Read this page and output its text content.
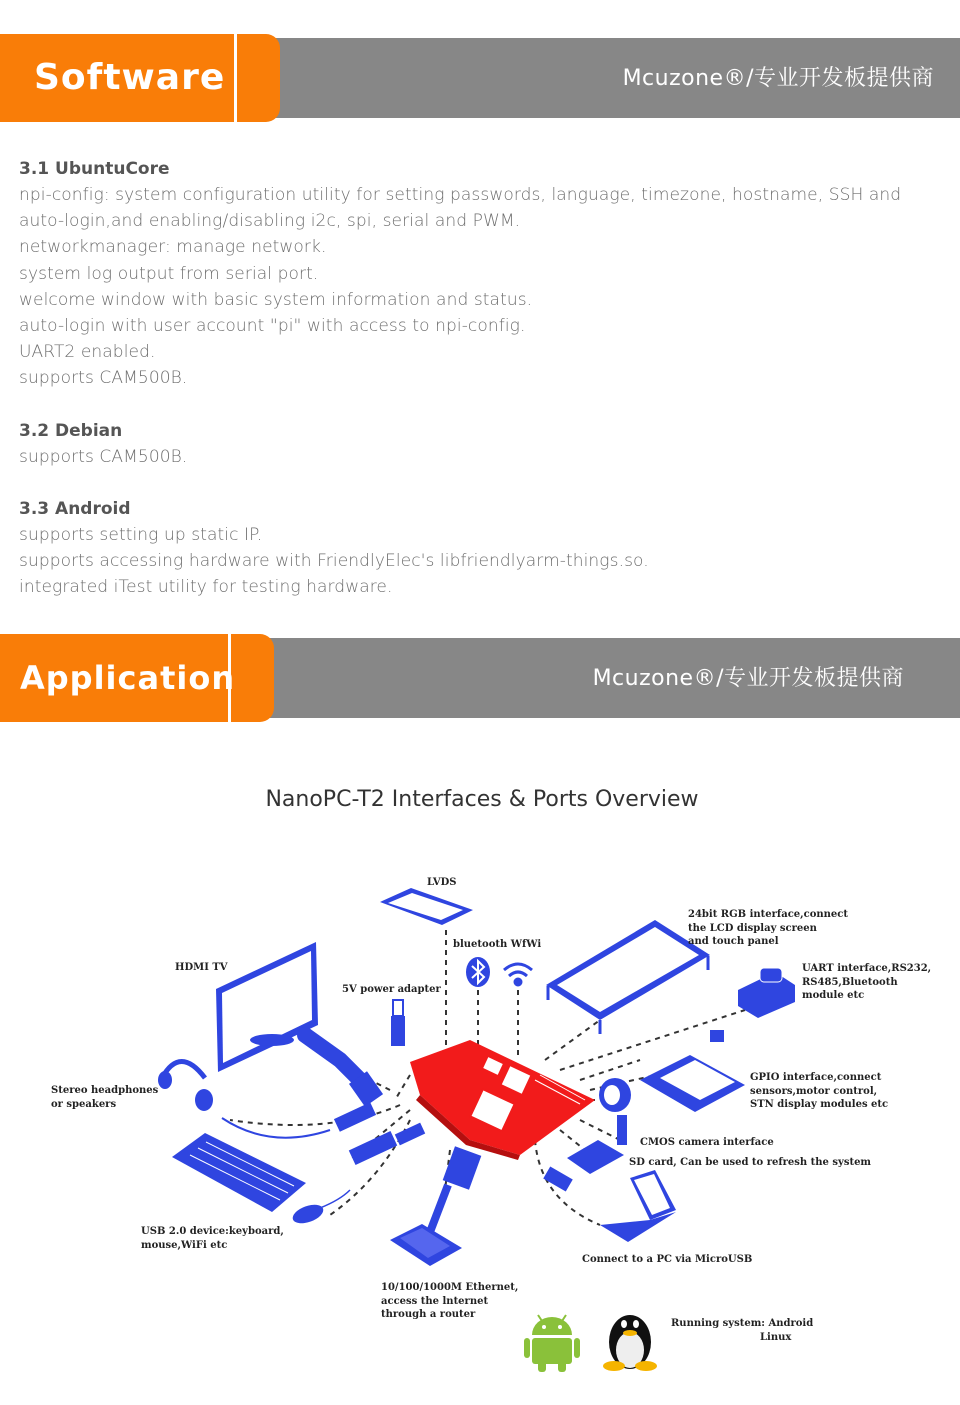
Software	Mcuzone®/专业开发板提供商
3.1 UbuntuCore
npi-config: system configuration utility for setting passwords, language, timezone, hostname, SSH and
auto-login,and enabling/disabling i2c, spi, serial and PWM.
networkmanager: manage network.
system log output from serial port.
welcome window with basic system information and status.
auto-login with user account "pi" with access to npi-config.
UART2 enabled.
supports CAM500B.
3.2 Debian
supports CAM500B.
3.3 Android
supports setting up static IP.
supports accessing hardware with FriendlyElec's libfriendlyarm-things.so.
integrated iTest utility for testing hardware.
Application	Mcuzone®/专业开发板提供商
NanoPC-T2 Interfaces & Ports Overview
LVDS
bluetooth WfWi
HDMI TV
5V power adapter
24bit RGB interface,connect
the LCD display screen
and touch panel
UART interface,RS232,
RS485,Bluetooth
module etc
GPIO interface,connect
sensors,motor control,
STN display modules etc
Stereo headphones
or speakers
CMOS camera interface
SD card, Can be used to refresh the system
USB 2.0 device:keyboard,
mouse,WiFi etc
Connect to a PC via MicroUSB
10/100/1000M Ethernet,
access the lnternet
through a router
Running system: Android
Linux
